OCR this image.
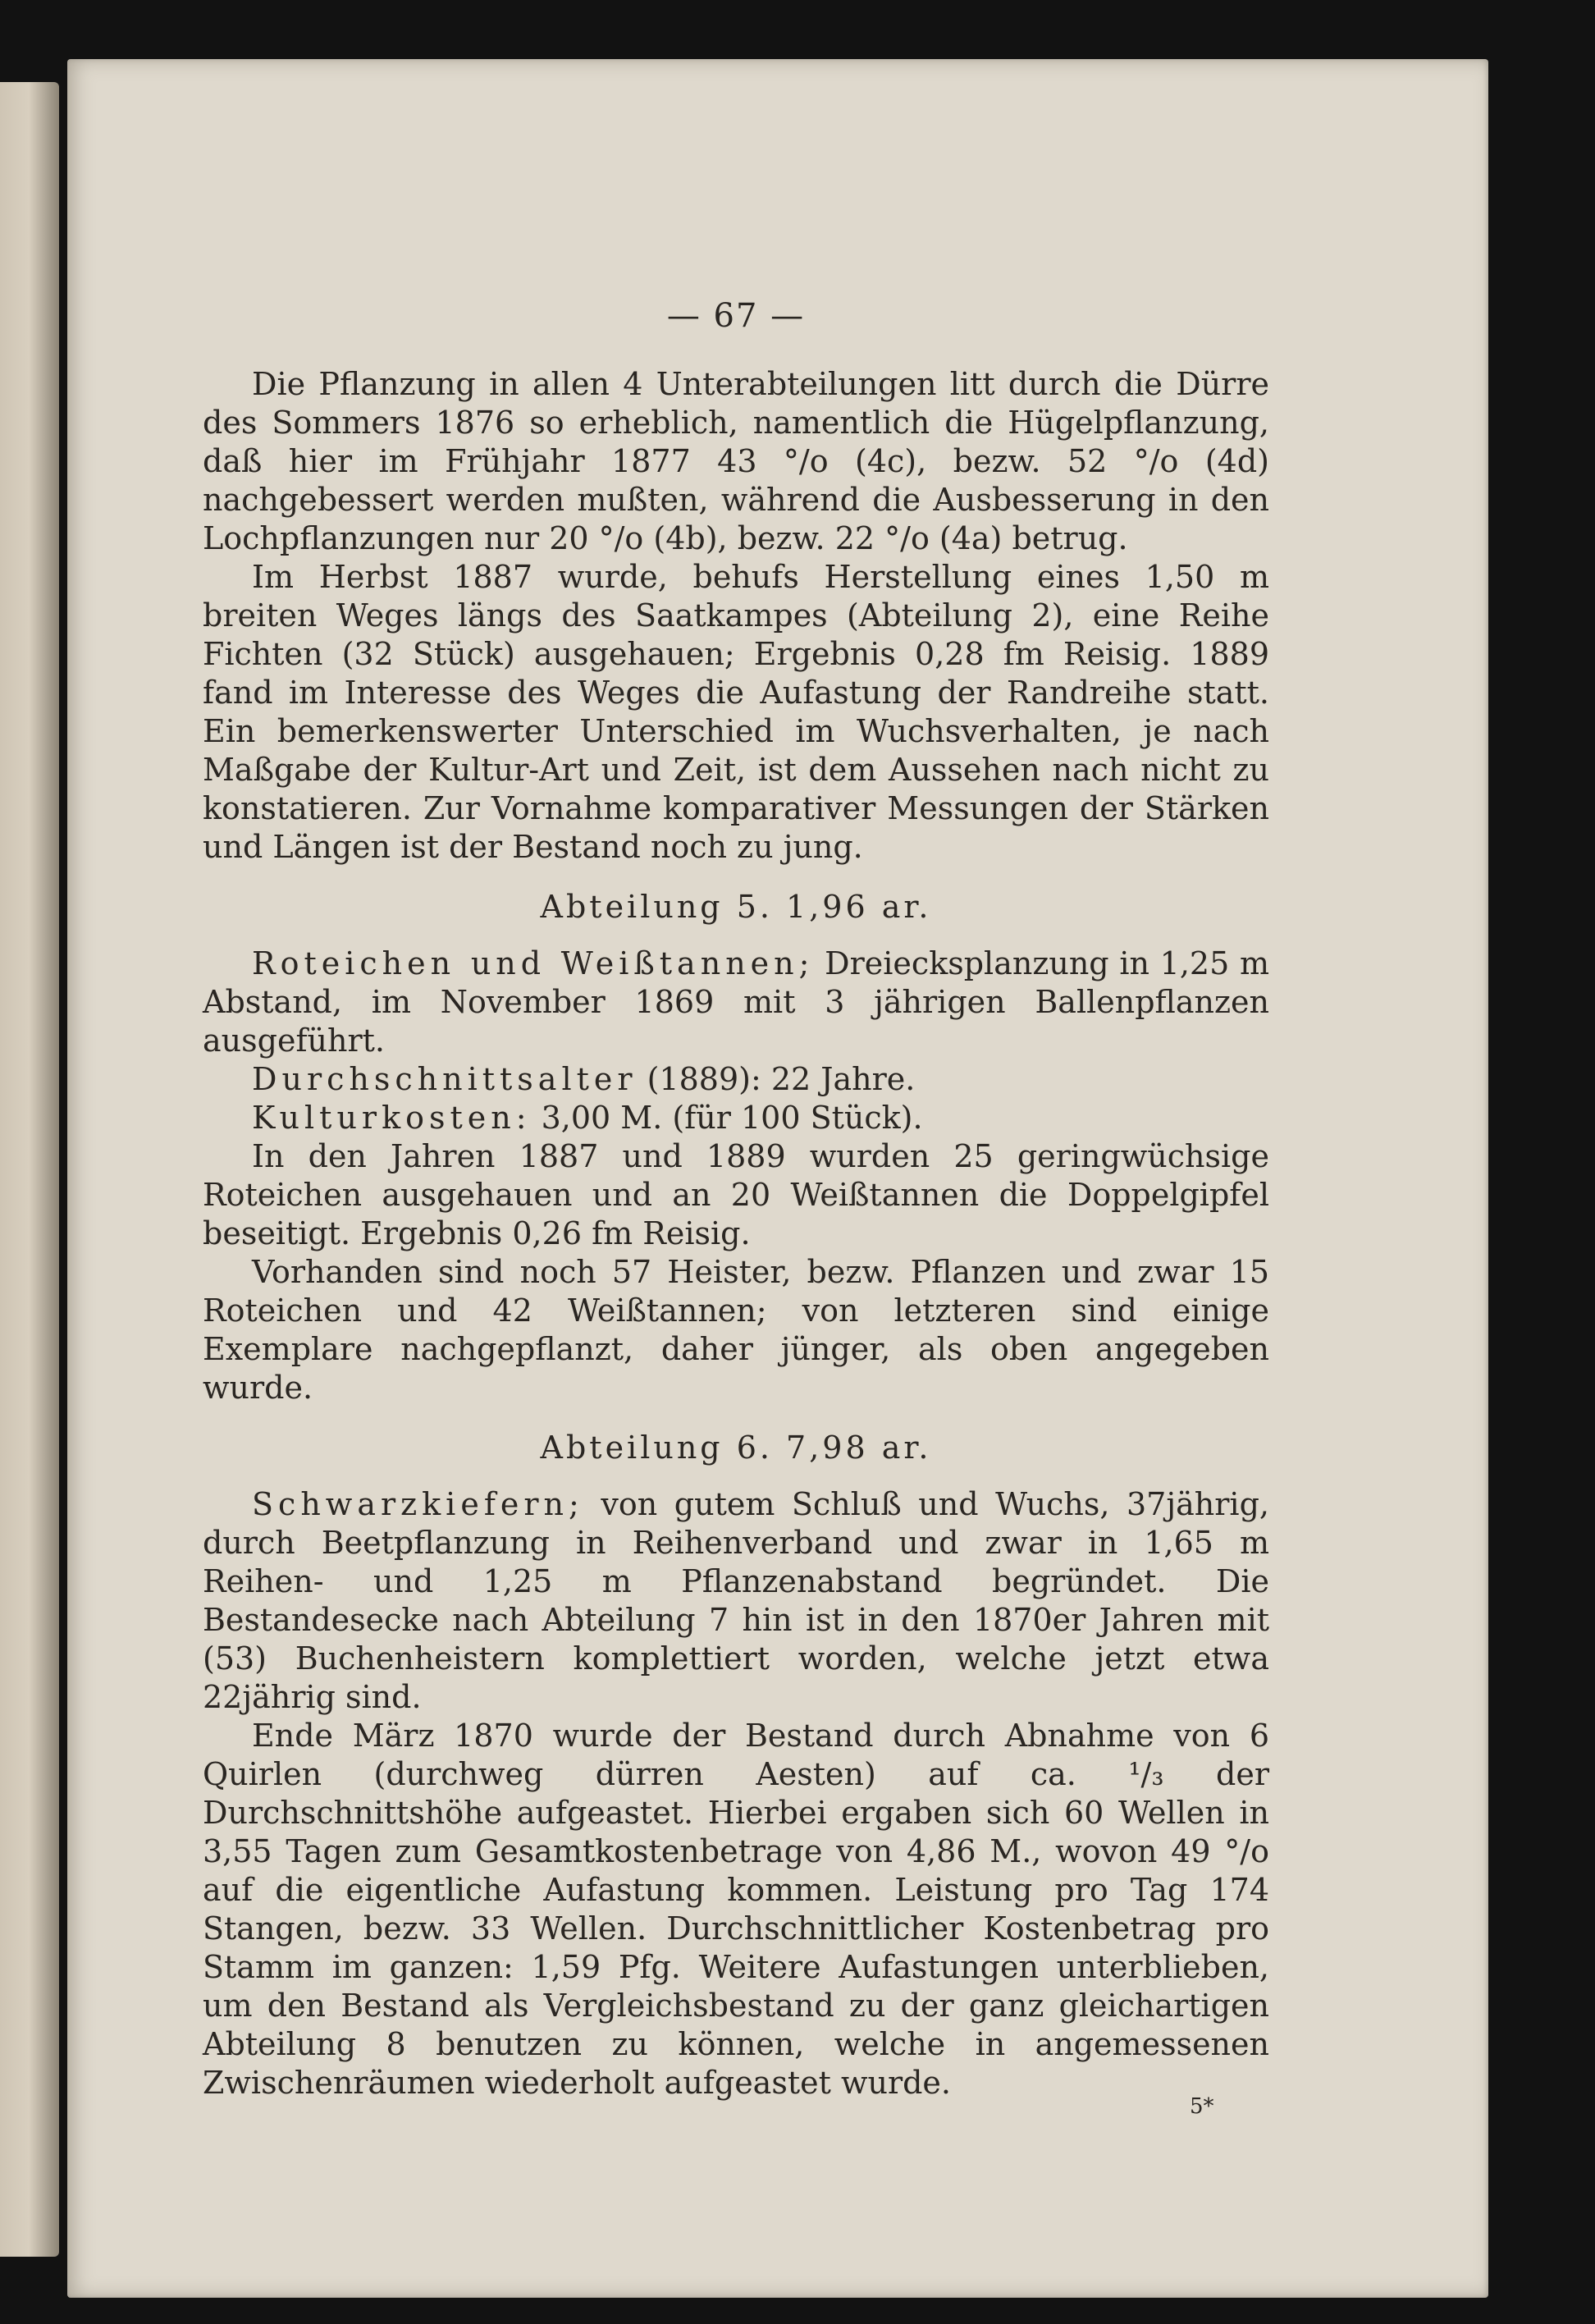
— 67 —

Die Pflanzung in allen 4 Unterabteilungen litt durch die Dürre des Sommers 1876 so erheblich, namentlich die Hügelpflanzung, daß hier im Frühjahr 1877 43 °/o (4c), bezw. 52 °/o (4d) nachgebessert werden mußten, während die Ausbesserung in den Lochpflanzungen nur 20 °/o (4b), bezw. 22 °/o (4a) betrug.

Im Herbst 1887 wurde, behufs Herstellung eines 1,50 m breiten Weges längs des Saatkampes (Abteilung 2), eine Reihe Fichten (32 Stück) ausgehauen; Ergebnis 0,28 fm Reisig. 1889 fand im Interesse des Weges die Aufastung der Randreihe statt. Ein bemerkenswerter Unterschied im Wuchsverhalten, je nach Maßgabe der Kultur-Art und Zeit, ist dem Aussehen nach nicht zu konstatieren. Zur Vornahme komparativer Messungen der Stärken und Längen ist der Bestand noch zu jung.

Abteilung 5. 1,96 ar.

Roteichen und Weißtannen; Dreiecksplanzung in 1,25 m Abstand, im November 1869 mit 3 jährigen Ballenpflanzen ausgeführt.

Durchschnittsalter (1889): 22 Jahre.

Kulturkosten: 3,00 M. (für 100 Stück).

In den Jahren 1887 und 1889 wurden 25 geringwüchsige Roteichen ausgehauen und an 20 Weißtannen die Doppelgipfel beseitigt. Ergebnis 0,26 fm Reisig.

Vorhanden sind noch 57 Heister, bezw. Pflanzen und zwar 15 Roteichen und 42 Weißtannen; von letzteren sind einige Exemplare nachgepflanzt, daher jünger, als oben angegeben wurde.

Abteilung 6. 7,98 ar.

Schwarzkiefern; von gutem Schluß und Wuchs, 37jährig, durch Beetpflanzung in Reihenverband und zwar in 1,65 m Reihen- und 1,25 m Pflanzenabstand begründet. Die Bestandesecke nach Abteilung 7 hin ist in den 1870er Jahren mit (53) Buchenheistern komplettiert worden, welche jetzt etwa 22jährig sind.

Ende März 1870 wurde der Bestand durch Abnahme von 6 Quirlen (durchweg dürren Aesten) auf ca. ¹/₃ der Durchschnittshöhe aufgeastet. Hierbei ergaben sich 60 Wellen in 3,55 Tagen zum Gesamtkostenbetrage von 4,86 M., wovon 49 °/o auf die eigentliche Aufastung kommen. Leistung pro Tag 174 Stangen, bezw. 33 Wellen. Durchschnittlicher Kostenbetrag pro Stamm im ganzen: 1,59 Pfg. Weitere Aufastungen unterblieben, um den Bestand als Vergleichsbestand zu der ganz gleichartigen Abteilung 8 benutzen zu können, welche in angemessenen Zwischenräumen wiederholt aufgeastet wurde.

5*
